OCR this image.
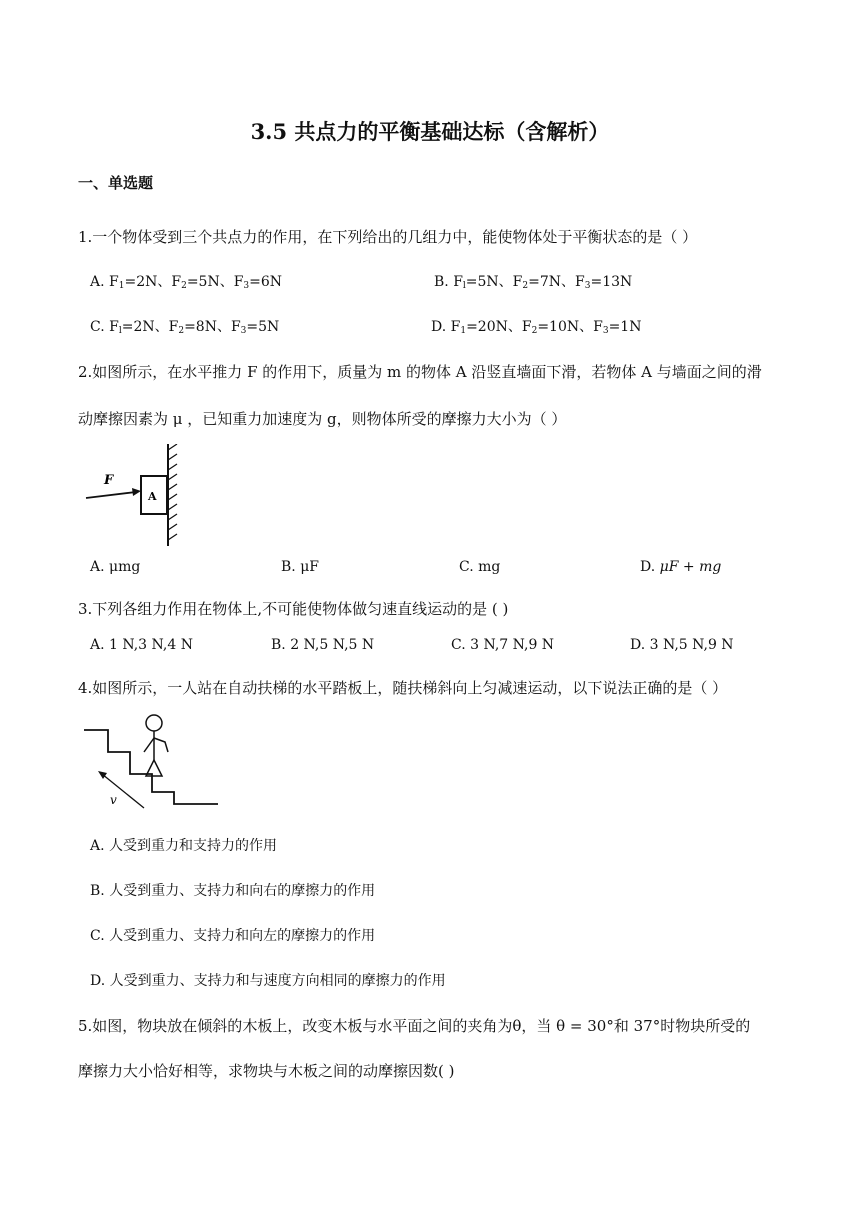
3.5 共点力的平衡基础达标（含解析）
一、单选题
1.一个物体受到三个共点力的作用，在下列给出的几组力中，能使物体处于平衡状态的是（ ）
A. $F_1=2N$、$F_2=5N$、$F_3=6N$	B. $F_l=5N$、$F_2=7N$、$F_3=13N$
C. $F_l=2N$、$F_2=8N$、$F_3=5N$	D. $F_1=20N$、$F_2=10N$、$F_3=1N$
2.如图所示，在水平推力 F 的作用下，质量为 m 的物体 A 沿竖直墙面下滑，若物体 A 与墙面之间的滑
动摩擦因素为 μ ，已知重力加速度为 g，则物体所受的摩擦力大小为（ ）
F
A
A. μmg	B. μF	C. mg	D. μF + mg
3.下列各组力作用在物体上,不可能使物体做匀速直线运动的是 ( )
A. 1 N,3 N,4 N	B. 2 N,5 N,5 N	C. 3 N,7 N,9 N	D. 3 N,5 N,9 N
4.如图所示，一人站在自动扶梯的水平踏板上，随扶梯斜向上匀减速运动，以下说法正确的是（ ）
v
A. 人受到重力和支持力的作用
B. 人受到重力、支持力和向右的摩擦力的作用
C. 人受到重力、支持力和向左的摩擦力的作用
D. 人受到重力、支持力和与速度方向相同的摩擦力的作用
5.如图，物块放在倾斜的木板上，改变木板与水平面之间的夹角为θ，当 θ = 30°和 37°时物块所受的
摩擦力大小恰好相等，求物块与木板之间的动摩擦因数( )
